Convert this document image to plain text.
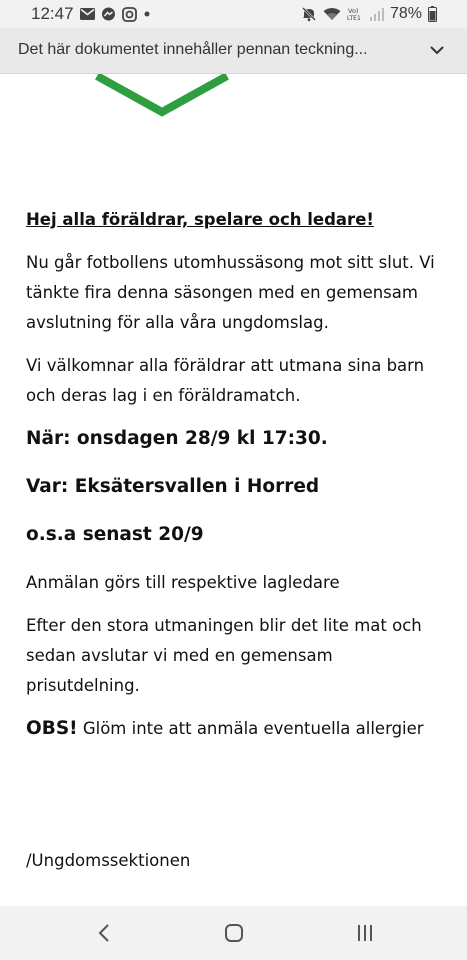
12:47	Vo)
LTE1 78%
Det här dokumentet innehåller pennan teckning...

Hej alla föräldrar, spelare och ledare!

Nu går fotbollens utomhussäsong mot sitt slut. Vi tänkte fira denna säsongen med en gemensam avslutning för alla våra ungdomslag.

Vi välkomnar alla föräldrar att utmana sina barn och deras lag i en föräldramatch.

När: onsdagen 28/9 kl 17:30.

Var: Eksätersvallen i Horred

o.s.a senast 20/9

Anmälan görs till respektive lagledare

Efter den stora utmaningen blir det lite mat och sedan avslutar vi med en gemensam prisutdelning.

OBS! Glöm inte att anmäla eventuella allergier

/Ungdomssektionen
